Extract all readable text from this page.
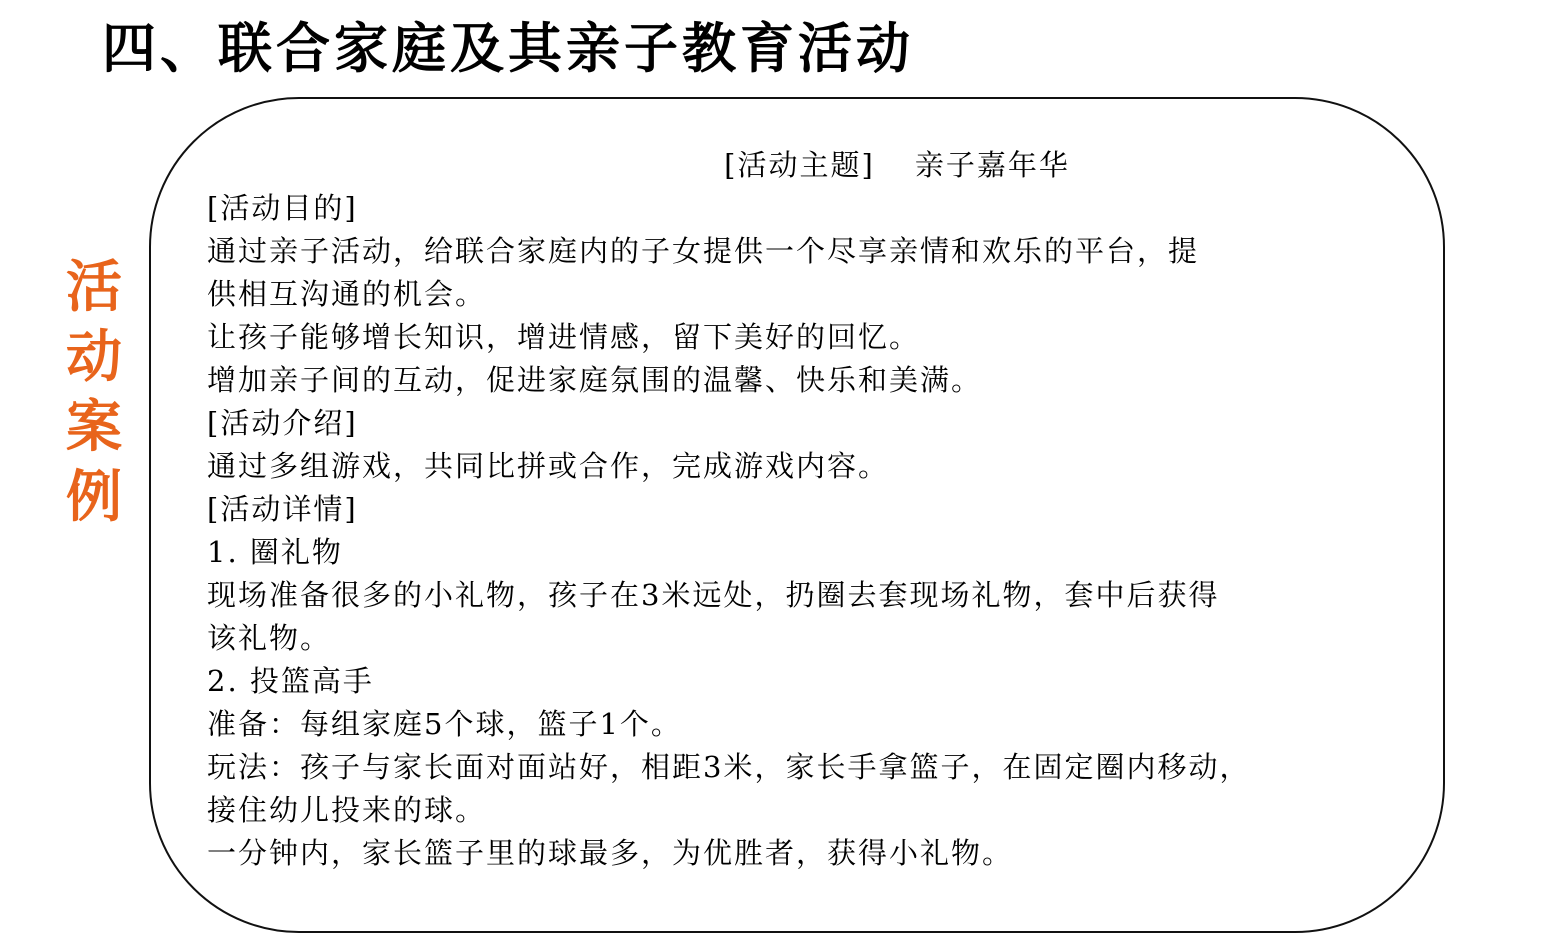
四、联合家庭及其亲子教育活动
活
动
案
例
[活动主题] 亲子嘉年华
[活动目的]
通过亲子活动，给联合家庭内的子女提供一个尽享亲情和欢乐的平台，提
供相互沟通的机会。
让孩子能够增长知识，增进情感，留下美好的回忆。
增加亲子间的互动，促进家庭氛围的温馨、快乐和美满。
[活动介绍]
通过多组游戏，共同比拼或合作，完成游戏内容。
[活动详情]
1. 圈礼物
现场准备很多的小礼物，孩子在3米远处，扔圈去套现场礼物，套中后获得
该礼物。
2. 投篮高手
准备：每组家庭5个球，篮子1个。
玩法：孩子与家长面对面站好，相距3米，家长手拿篮子，在固定圈内移动，
接住幼儿投来的球。
一分钟内，家长篮子里的球最多，为优胜者，获得小礼物。
